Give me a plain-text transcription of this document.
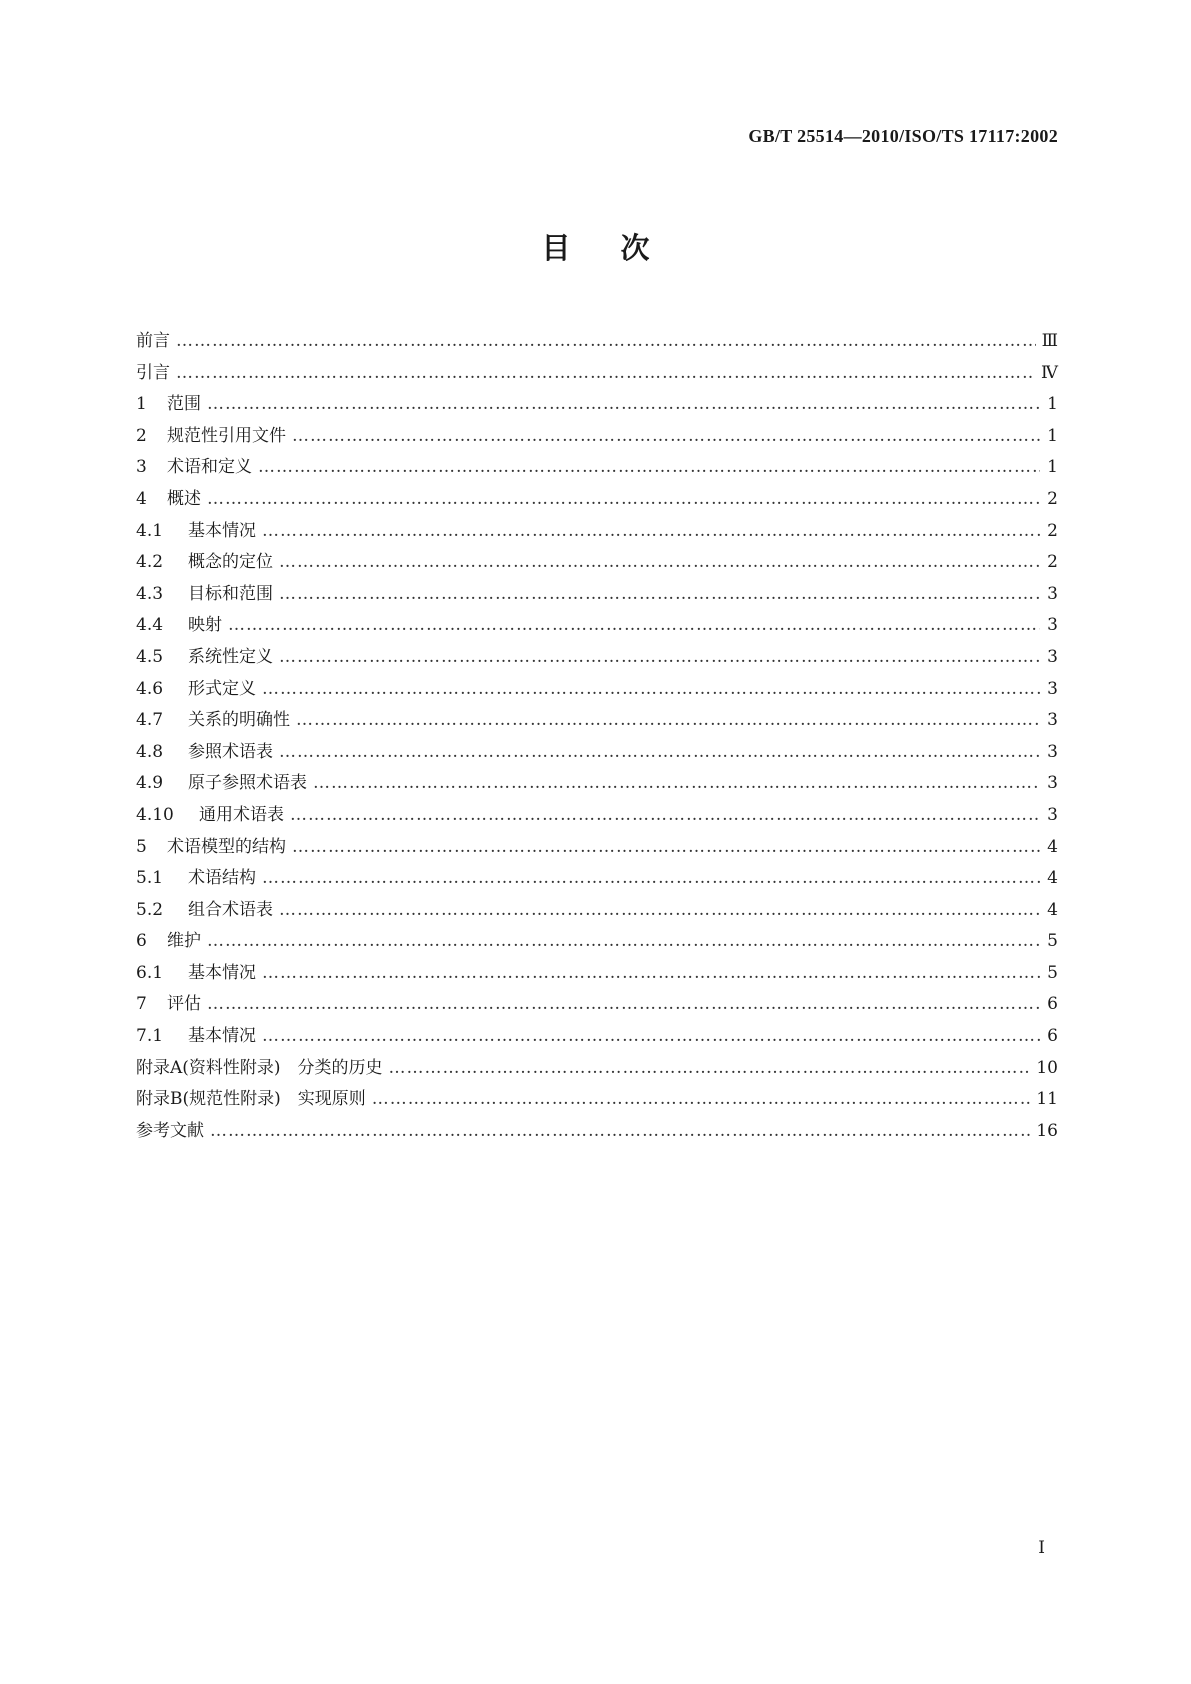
GB/T 25514—2010/ISO/TS 17117:2002
目次
前言 ……………………………………………………………………………………………………………………………………………………………………………………	Ⅲ
引言 ……………………………………………………………………………………………………………………………………………………………………………………	Ⅳ
1	范围 ……………………………………………………………………………………………………………………………………………………………………………………	1
2	规范性引用文件 ……………………………………………………………………………………………………………………………………………………………………………………	1
3	术语和定义 ……………………………………………………………………………………………………………………………………………………………………………………	1
4	概述 ……………………………………………………………………………………………………………………………………………………………………………………	2
4.1	基本情况 ……………………………………………………………………………………………………………………………………………………………………………………	2
4.2	概念的定位 ……………………………………………………………………………………………………………………………………………………………………………………	2
4.3	目标和范围 ……………………………………………………………………………………………………………………………………………………………………………………	3
4.4	映射 ……………………………………………………………………………………………………………………………………………………………………………………	3
4.5	系统性定义 ……………………………………………………………………………………………………………………………………………………………………………………	3
4.6	形式定义 ……………………………………………………………………………………………………………………………………………………………………………………	3
4.7	关系的明确性 ……………………………………………………………………………………………………………………………………………………………………………………	3
4.8	参照术语表 ……………………………………………………………………………………………………………………………………………………………………………………	3
4.9	原子参照术语表 ……………………………………………………………………………………………………………………………………………………………………………………	3
4.10	通用术语表 ……………………………………………………………………………………………………………………………………………………………………………………	3
5	术语模型的结构 ……………………………………………………………………………………………………………………………………………………………………………………	4
5.1	术语结构 ……………………………………………………………………………………………………………………………………………………………………………………	4
5.2	组合术语表 ……………………………………………………………………………………………………………………………………………………………………………………	4
6	维护 ……………………………………………………………………………………………………………………………………………………………………………………	5
6.1	基本情况 ……………………………………………………………………………………………………………………………………………………………………………………	5
7	评估 ……………………………………………………………………………………………………………………………………………………………………………………	6
7.1	基本情况 ……………………………………………………………………………………………………………………………………………………………………………………	6
附录A(资料性附录)　分类的历史 ……………………………………………………………………………………………………………………………………………………………………………………	10
附录B(规范性附录)　实现原则 ……………………………………………………………………………………………………………………………………………………………………………………	11
参考文献 ……………………………………………………………………………………………………………………………………………………………………………………	16
Ⅰ
